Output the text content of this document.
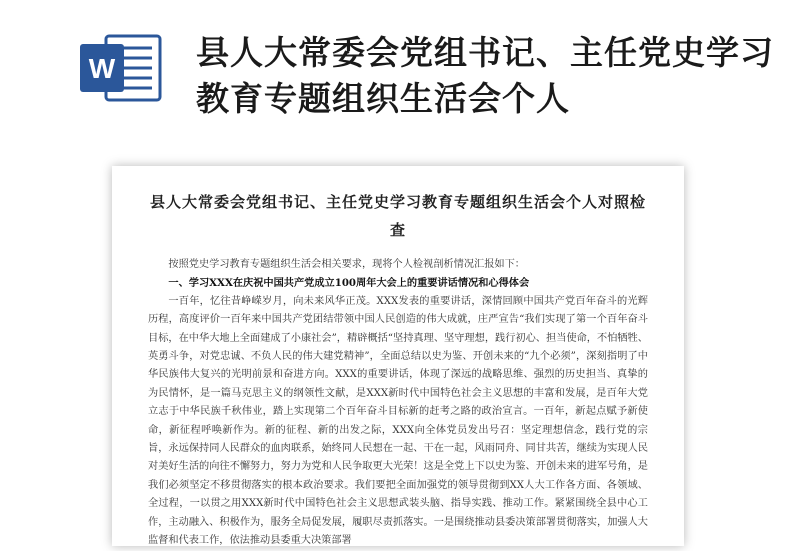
W 县人大常委会党组书记、主任党史学习教育专题组织生活会个人
县人大常委会党组书记、主任党史学习教育专题组织生活会个人对照检查

按照党史学习教育专题组织生活会相关要求，现将个人检视剖析情况汇报如下：

一、学习XXX在庆祝中国共产党成立100周年大会上的重要讲话情况和心得体会

一百年，忆往昔峥嵘岁月，向未来风华正茂。XXX发表的重要讲话，深情回顾中国共产党百年奋斗的光辉历程，高度评价一百年来中国共产党团结带领中国人民创造的伟大成就，庄严宣告“我们实现了第一个百年奋斗目标，在中华大地上全面建成了小康社会”，精辟概括“坚持真理、坚守理想，践行初心、担当使命，不怕牺牲、英勇斗争，对党忠诚、不负人民的伟大建党精神”，全面总结以史为鉴、开创未来的“九个必须”，深刻指明了中华民族伟大复兴的光明前景和奋进方向。XXX的重要讲话，体现了深远的战略思维、强烈的历史担当、真挚的为民情怀，是一篇马克思主义的纲领性文献，是XXX新时代中国特色社会主义思想的丰富和发展，是百年大党立志于中华民族千秋伟业，踏上实现第二个百年奋斗目标新的赶考之路的政治宣言。一百年，新起点赋予新使命，新征程呼唤新作为。新的征程、新的出发之际，XXX向全体党员发出号召：坚定理想信念，践行党的宗旨，永远保持同人民群众的血肉联系，始终同人民想在一起、干在一起，风雨同舟、同甘共苦，继续为实现人民对美好生活的向往不懈努力，努力为党和人民争取更大光荣！这是全党上下以史为鉴、开创未来的进军号角，是我们必须坚定不移贯彻落实的根本政治要求。我们要把全面加强党的领导贯彻到XX人大工作各方面、各领域、全过程，一以贯之用XXX新时代中国特色社会主义思想武装头脑、指导实践、推动工作。紧紧围绕全县中心工作，主动融入、积极作为，服务全局促发展，履职尽责抓落实。一是围绕推动县委决策部署贯彻落实，加强人大监督和代表工作，依法推动县委重大决策部署
